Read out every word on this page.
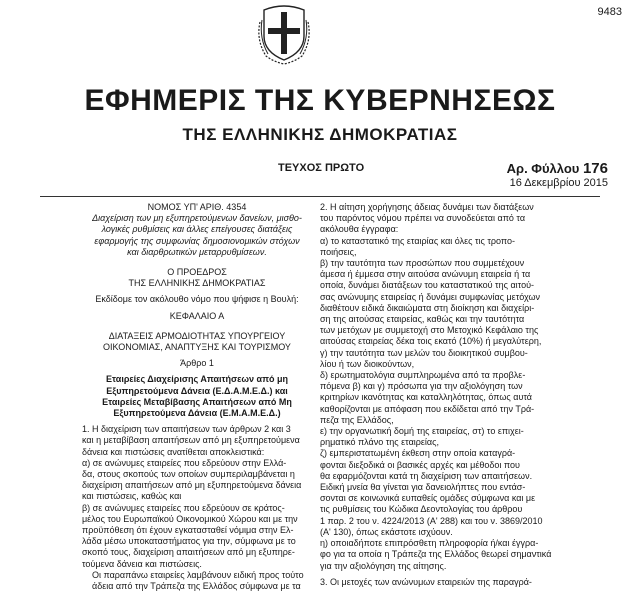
9483
ΕΦΗΜΕΡΙΣ ΤΗΣ ΚΥΒΕΡΝΗΣΕΩΣ
ΤΗΣ ΕΛΛΗΝΙΚΗΣ ΔΗΜΟΚΡΑΤΙΑΣ
ΤΕΥΧΟΣ ΠΡΩΤΟ	Αρ. Φύλλου 176
16 Δεκεμβρίου 2015

ΝΟΜΟΣ ΥΠ' ΑΡΙΘ. 4354

Διαχείριση των μη εξυπηρετούμενων δανείων, μισθο-

λογικές ρυθμίσεις και άλλες επείγουσες διατάξεις

εφαρμογής της συμφωνίας δημοσιονομικών στόχων

και διαρθρωτικών μεταρρυθμίσεων.

Ο ΠΡΟΕΔΡΟΣ

ΤΗΣ ΕΛΛΗΝΙΚΗΣ ΔΗΜΟΚΡΑΤΙΑΣ

Εκδίδομε τον ακόλουθο νόμο που ψήφισε η Βουλή:

ΚΕΦΑΛΑΙΟ Α

ΔΙΑΤΑΞΕΙΣ ΑΡΜΟΔΙΟΤΗΤΑΣ ΥΠΟΥΡΓΕΙΟΥ

ΟΙΚΟΝΟΜΙΑΣ, ΑΝΑΠΤΥΞΗΣ ΚΑΙ ΤΟΥΡΙΣΜΟΥ

Άρθρο 1

Εταιρείες Διαχείρισης Απαιτήσεων από μη

Εξυπηρετούμενα Δάνεια (Ε.Δ.Α.Μ.Ε.Δ.) και

Εταιρείες Μεταβίβασης Απαιτήσεων από Μη

Εξυπηρετούμενα Δάνεια (Ε.Μ.Α.Μ.Ε.Δ.)

1. Η διαχείριση των απαιτήσεων των άρθρων 2 και 3

και η μεταβίβαση απαιτήσεων από μη εξυπηρετούμενα

δάνεια και πιστώσεις ανατίθεται αποκλειστικά:

α) σε ανώνυμες εταιρείες που εδρεύουν στην Ελλά-

δα, στους σκοπούς των οποίων συμπεριλαμβάνεται η

διαχείριση απαιτήσεων από μη εξυπηρετούμενα δάνεια

και πιστώσεις, καθώς και

β) σε ανώνυμες εταιρείες που εδρεύουν σε κράτος-

μέλος του Ευρωπαϊκού Οικονομικού Χώρου και με την

προϋπόθεση ότι έχουν εγκατασταθεί νόμιμα στην Ελ-

λάδα μέσω υποκαταστήματος για την, σύμφωνα με το

σκοπό τους, διαχείριση απαιτήσεων από μη εξυπηρε-

τούμενα δάνεια και πιστώσεις.

Οι παραπάνω εταιρείες λαμβάνουν ειδική προς τούτο

άδεια από την Τράπεζα της Ελλάδος σύμφωνα με τα

2. Η αίτηση χορήγησης άδειας δυνάμει των διατάξεων

του παρόντος νόμου πρέπει να συνοδεύεται από τα

ακόλουθα έγγραφα:

α) το καταστατικό της εταιρίας και όλες τις τροπο-

ποιήσεις,

β) την ταυτότητα των προσώπων που συμμετέχουν

άμεσα ή έμμεσα στην αιτούσα ανώνυμη εταιρεία ή τα

οποία, δυνάμει διατάξεων του καταστατικού της αιτού-

σας ανώνυμης εταιρείας ή δυνάμει συμφωνίας μετόχων

διαθέτουν ειδικά δικαιώματα στη διοίκηση και διαχείρι-

ση της αιτούσας εταιρείας, καθώς και την ταυτότητα

των μετόχων με συμμετοχή στο Μετοχικό Κεφάλαιο της

αιτούσας εταιρείας δέκα τοις εκατό (10%) ή μεγαλύτερη,

γ) την ταυτότητα των μελών του διοικητικού συμβου-

λίου ή των διοικούντων,

δ) ερωτηματολόγια συμπληρωμένα από τα προβλε-

πόμενα β) και γ) πρόσωπα για την αξιολόγηση των

κριτηρίων ικανότητας και καταλληλότητας, όπως αυτά

καθορίζονται με απόφαση που εκδίδεται από την Τρά-

πεζα της Ελλάδος,

ε) την οργανωτική δομή της εταιρείας, στ) το επιχει-

ρηματικό πλάνο της εταιρείας,

ζ) εμπεριστατωμένη έκθεση στην οποία καταγρά-

φονται διεξοδικά οι βασικές αρχές και μέθοδοι που

θα εφαρμόζονται κατά τη διαχείριση των απαιτήσεων.

Ειδική μνεία θα γίνεται για δανειολήπτες που εντάσ-

σονται σε κοινωνικά ευπαθείς ομάδες σύμφωνα και με

τις ρυθμίσεις του Κώδικα Δεοντολογίας του άρθρου

1 παρ. 2 του ν. 4224/2013 (Α' 288) και του ν. 3869/2010

(Α' 130), όπως εκάστοτε ισχύουν.

η) οποιαδήποτε επιπρόσθετη πληροφορία ή/και έγγρα-

φο για τα οποία η Τράπεζα της Ελλάδος θεωρεί σημαντικά

για την αξιολόγηση της αίτησης.

3. Οι μετοχές των ανώνυμων εταιρειών της παραγρά-
